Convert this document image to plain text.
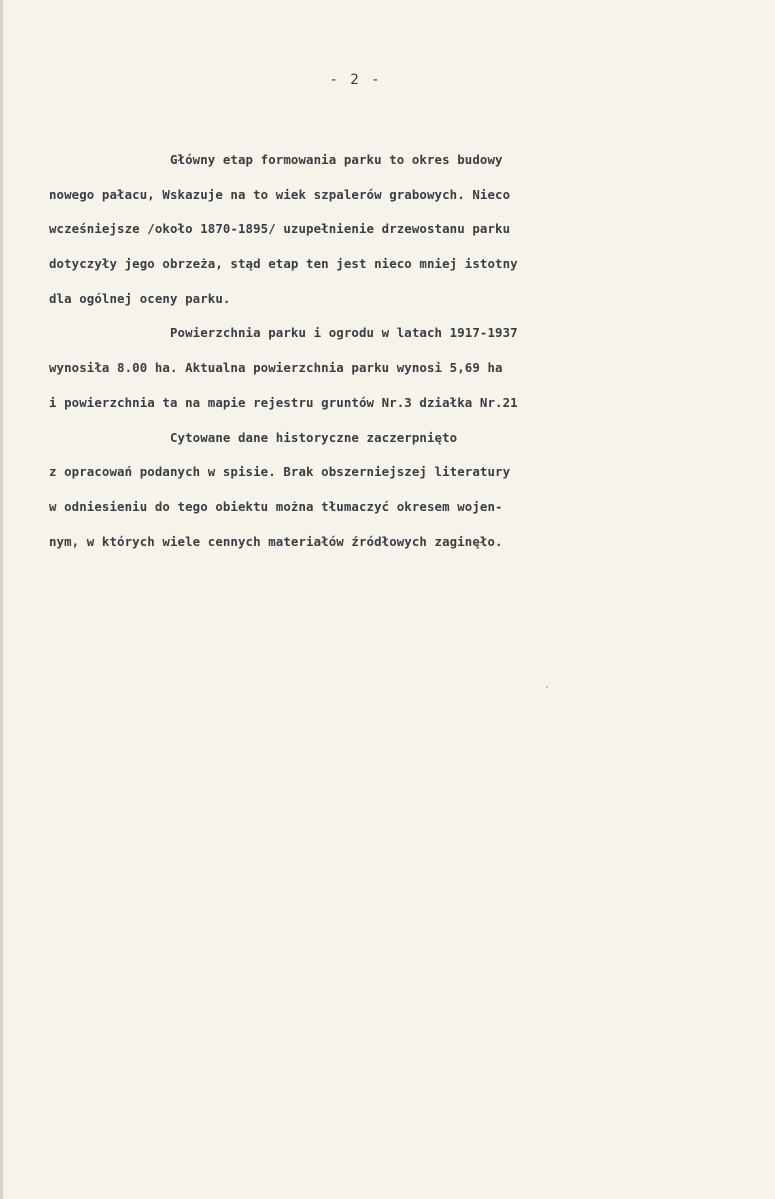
- 2 -
Główny etap formowania parku to okres budowy
nowego pałacu, Wskazuje na to wiek szpalerów grabowych. Nieco
wcześniejsze /około 1870-1895/ uzupełnienie drzewostanu parku
dotyczyły jego obrzeża, stąd etap ten jest nieco mniej istotny
dla ogólnej oceny parku.
Powierzchnia parku i ogrodu w latach 1917-1937
wynosiła 8.00 ha. Aktualna powierzchnia parku wynosi 5,69 ha
i powierzchnia ta na mapie rejestru gruntów Nr.3 działka Nr.21
Cytowane dane historyczne zaczerpnięto
z opracowań podanych w spisie. Brak obszerniejszej literatury
w odniesieniu do tego obiektu można tłumaczyć okresem wojen-
nym, w których wiele cennych materiałów źródłowych zaginęło.
